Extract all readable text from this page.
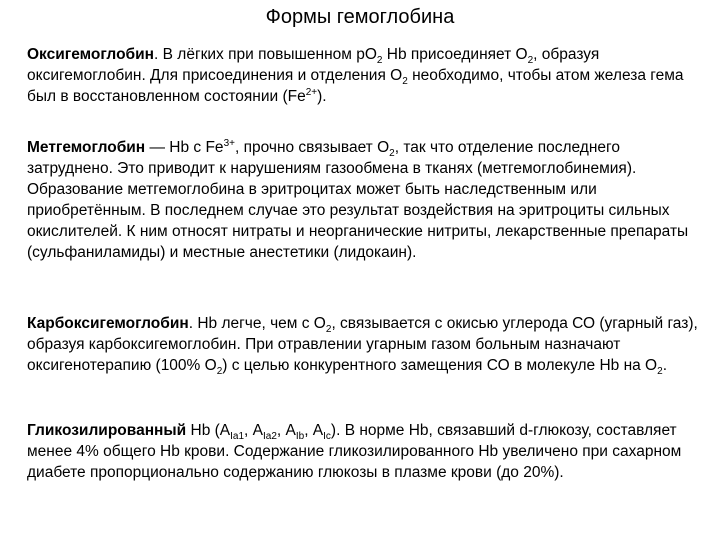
Формы гемоглобина

Оксигемоглобин. В лёгких при повышенном $рО_2$ Hb присоединяет $О_2$, образуя оксигемоглобин. Для присоединения и отделения $О_2$ необходимо, чтобы атом железа гема был в восстановленном состоянии $(Fe^{2+})$.

Метгемоглобин — Hb с $Fe^{3+}$, прочно связывает $О_2$, так что отделение последнего затруднено. Это приводит к нарушениям газообмена в тканях (метгемоглобинемия). Образование метгемоглобина в эритроцитах может быть наследственным или приобретённым. В последнем случае это результат воздействия на эритроциты сильных окислителей. К ним относят нитраты и неорганические нитриты, лекарственные препараты (сульфаниламиды) и местные анестетики (лидокаин).

Карбоксигемоглобин. Hb легче, чем с $О_2$, связывается с окисью углерода СО (угарный газ), образуя карбоксигемоглобин. При отравлении угарным газом больным назначают оксигенотерапию (100% $О_2$) с целью конкурентного замещения СО в молекуле Hb на $О_2$.

Гликозилированный Hb ($А_{Ia1}$, $А_{Ia2}$, $А_{Ib}$, $А_{Ic}$). В норме Hb, связавший d-глюкозу, составляет менее 4% общего Hb крови. Содержание гликозилированного Hb увеличено при сахарном диабете пропорционально содержанию глюкозы в плазме крови (до 20%).
